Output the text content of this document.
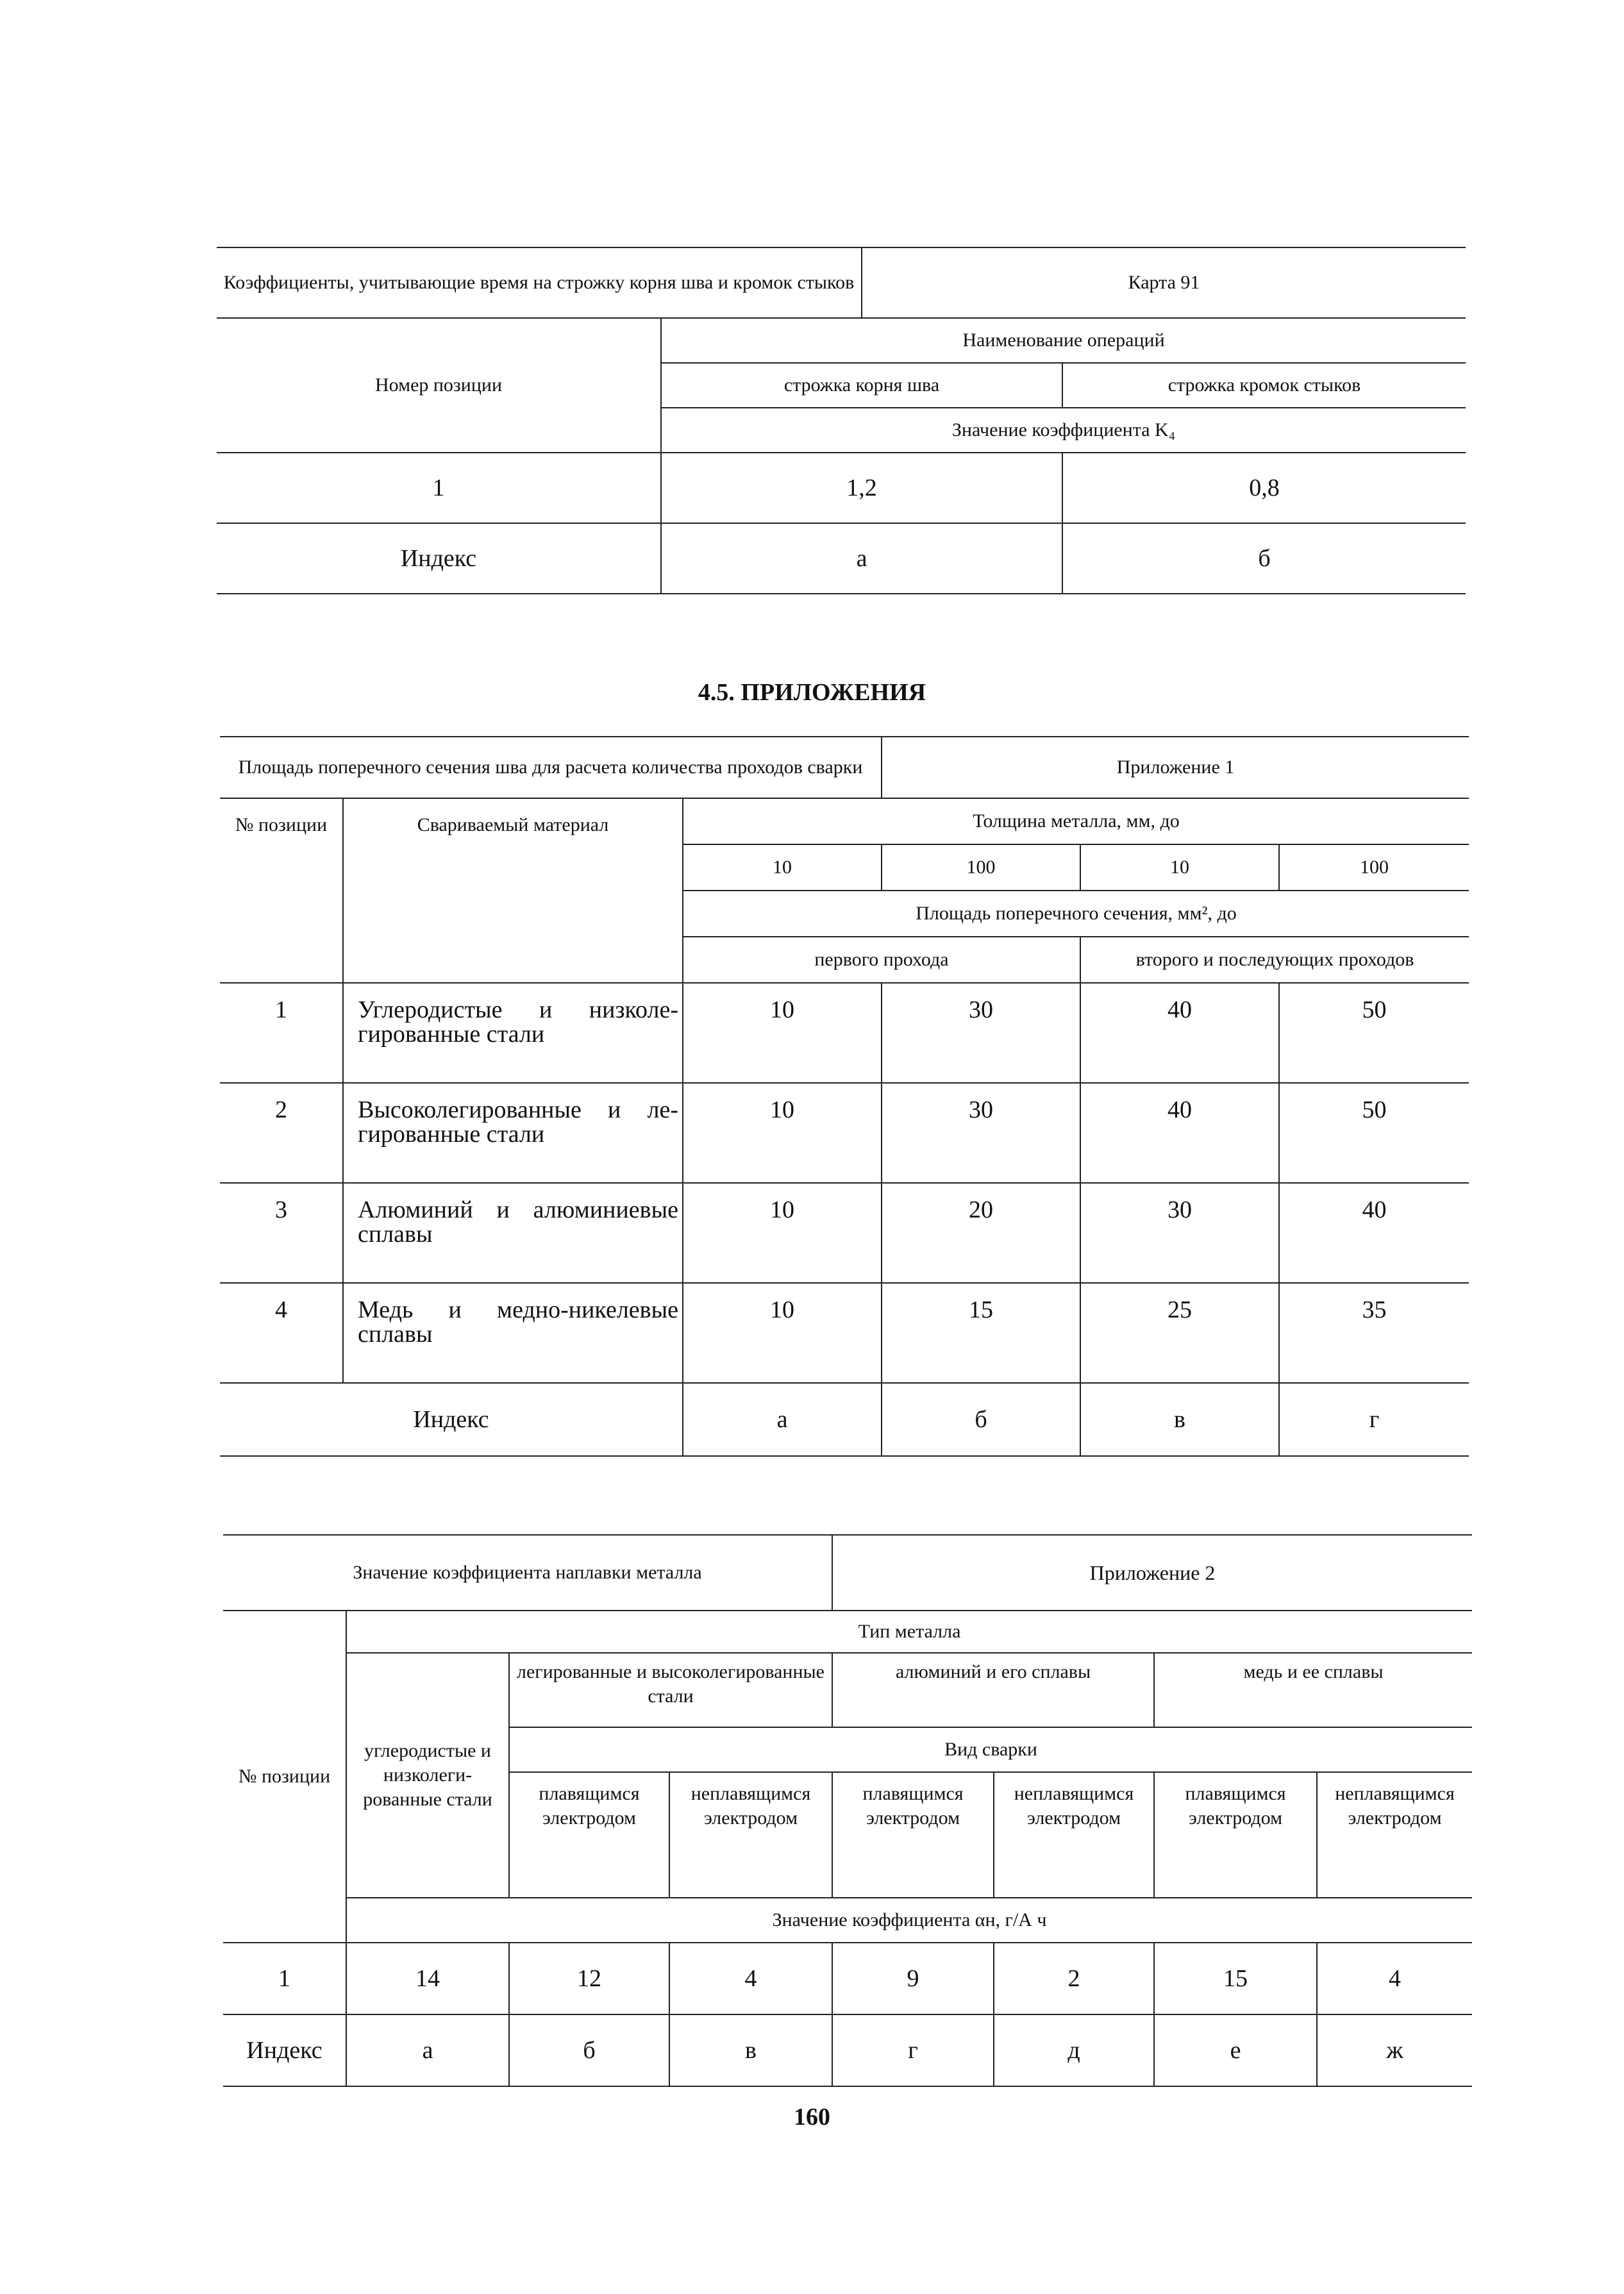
Коэффициенты, учитывающие время на строжку корня шва и кромок стыков		Карта 91	
Номер позиции	Наименование операций		
	строжка корня шва		строжка кромок стыков
	Значение коэффициента K₄		
1	1,2		0,8
Индекс	а		б
4.5. ПРИЛОЖЕНИЯ
Площадь поперечного сечения шва для расчета количества проходов сварки			Приложение 1		
№ позиции	Свариваемый материал	Толщина металла, мм, до			
		10	100	10	100
		Площадь поперечного сечения, мм², до			
		первого прохода		второго и последующих проходов	
1	Углеродистые и низколегированные стали	10	30	40	50
2	Высоколегированные и легированные стали	10	30	40	50
3	Алюминий и алюминиевые сплавы	10	20	30	40
4	Медь и медно-никелевые сплавы	10	15	25	35
Индекс		а	б	в	г
Значение коэффициента наплавки металла				Приложение 2			
№ позиции	Тип металла						
	углеродистые и низколегированные стали	легированные и высоколегированные стали		алюминий и его сплавы		медь и ее сплавы	
		Вид сварки					
		плавящимся электродом	неплавящимся электродом	плавящимся электродом	неплавящимся электродом	плавящимся электродом	неплавящимся электродом
	Значение коэффициента αн, г/А ч						
1	14	12	4	9	2	15	4
Индекс	а	б	в	г	д	е	ж
160
